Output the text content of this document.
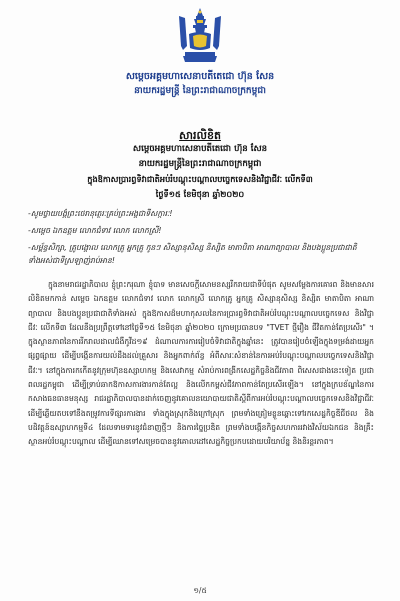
សម្ដេចអគ្គមហាសេនាបតីតេជោ ហ៊ុន សែន
នាយករដ្ឋមន្ត្រី នៃព្រះរាជាណាចក្រកម្ពុជា
សារលិខិត
សម្ដេចអគ្គមហាសេនាបតីតេជោ ហ៊ុន សែន
នាយករដ្ឋមន្ត្រីនៃព្រះរាជាណាចក្រកម្ពុជា
ក្នុងឱកាសប្រារព្ធទិវាជាតិអប់រំបណ្តុះបណ្តាលបច្ចេកទេសនិងវិជ្ជាជីវៈ លើកទី៣
ថ្ងៃទី១៥ ខែមិថុនា ឆ្នាំ២០២០
-សូមថ្វាយបង្គំព្រះថេរានុត្ថេរៈគ្រប់ព្រះអង្គជាទីសក្ការៈ!
-សម្ដេច ឯកឧត្តម លោកជំទាវ លោក លោកស្រី!
-សម្ព័ន្ធសិក្សា, គ្រូបង្គោល លោកគ្រូ អ្នកគ្រូ កូនៗ សិស្សានុសិស្ស និស្សិត មាតាបិតា អាណាព្យាបាល និងបងប្អូនប្រជាជាតិ
ទាំងអស់ជាទីស្រឡាញ់រាប់អាន!

ក្នុងនាមរាជរដ្ឋាភិបាល ខ្ញុំព្រះករុណា ខ្ញុំបាទ មានសេចក្តីសោមនស្សរីករាយជាទីបំផុត សូមសម្ដែងការគោរព និងមានសារលិខិតមកកាន់ សម្ដេច ឯកឧត្តម លោកជំទាវ លោក លោកស្រី លោកគ្រូ អ្នកគ្រូ សិស្សានុសិស្ស និស្សិត មាតាបិតា អាណាព្យាបាល និងបងប្អូនប្រជាជាតិទាំងអស់ ក្នុងឱកាសដ៏មហាកុសលនៃការប្រារព្ធទិវាជាតិអប់រំបណ្ដុះបណ្ដាលបច្ចេកទេស និងវិជ្ជាជីវៈ លើកទី៣ ដែលនឹងប្រព្រឹត្តទៅនៅថ្ងៃទី១៥ ខែមិថុនា ឆ្នាំ២០២០ ក្រោមប្រធានបទ "TVET ថ្មីរឿង ជីវិតកាន់តែប្រសើរ" ។ ក្នុងស្ថានភាពនៃការរីករាលដាលជំងឺកូវីដ១៩ ដំណាលការការរៀបចំទិវាជាតិក្នុងឆ្នាំនេះ ត្រូវបានរៀបចំឡើងក្នុងទម្រង់ដាយអ្នកផ្សព្វផ្សាយ ដើម្បីបង្កើនការយល់ដឹងដល់គ្រួសារ និងអ្នកពាក់ព័ន្ធ អំពីសារៈសំខាន់នៃការអប់រំបណ្តុះបណ្តាលបច្ចេកទេសនិងវិជ្ជាជីវៈ។ នៅក្នុងការកកើតនូវក្រុមហ៊ុនឧស្សាហកម្ម និងសេវាកម្ម សំរាប់ការពង្រីកសេដ្ឋកិច្ចនិងជីវភាព ពិសេសជាងនេះទៀត ប្រជាពលរដ្ឋកម្ពុជា ដើម្បីទ្រាប់ឆាកឱកាសការងារកាន់តែល្អ និងលើកកម្ពស់ជីវភាពកាន់តែប្រសើរឡើង។ នៅក្នុងក្របខ័ណ្ឌនៃការកសាងធនធានមនុស្ស រាជរដ្ឋាភិបាលបានដាក់ចេញនូវគោលនយោបាយជាតិស្តីពីការអប់រំបណ្តុះបណ្តាលបច្ចេកទេសនិងវិជ្ជាជីវៈ ដើម្បីឆ្លើយតបទៅនឹងតម្រូវការទីផ្សារការងារ ទាំងក្នុងស្រុកនិងក្រៅស្រុក ព្រមទាំងត្រៀមខ្លួនឆ្ពោះទៅរកសេដ្ឋកិច្ចឌីជីថល និងបដិវត្តន៍ឧស្សាហកម្មទី៤ ដែលទាមទារនូវជំនាញថ្មីៗ និងការច្នៃប្រឌិត ព្រមទាំងបង្កើនកិច្ចសហការរវាងវិស័យឯកជន និងគ្រឹះស្ថានអប់រំបណ្តុះបណ្តាល ដើម្បីឈានទៅសម្រេចបាននូវគោលដៅសេដ្ឋកិច្ចប្រកបដោយបរិយាប័ន្ន និងនិរន្តរភាព។

១/៥
